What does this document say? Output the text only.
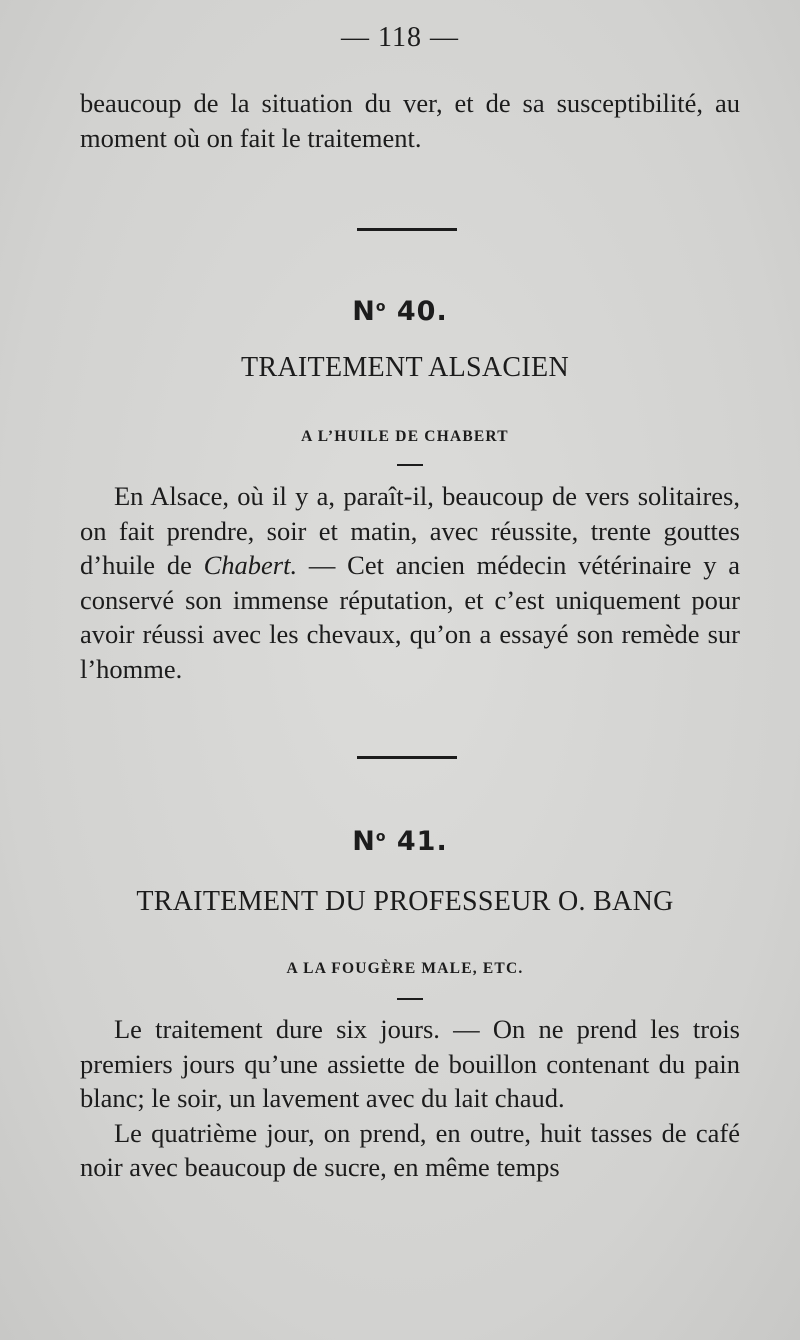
— 118 —

beaucoup de la situation du ver, et de sa susceptibilité, au moment où on fait le traitement.

$N^o$ 40.
TRAITEMENT ALSACIEN
A L’HUILE DE CHABERT

En Alsace, où il y a, paraît-il, beaucoup de vers solitaires, on fait prendre, soir et matin, avec réussite, trente gouttes d’huile de Chabert. — Cet ancien médecin vétérinaire y a conservé son immense réputation, et c’est uniquement pour avoir réussi avec les chevaux, qu’on a essayé son remède sur l’homme.

$N^o$ 41.
TRAITEMENT DU PROFESSEUR O. BANG
A LA FOUGÈRE MALE, ETC.

Le traitement dure six jours. — On ne prend les trois premiers jours qu’une assiette de bouillon contenant du pain blanc; le soir, un lavement avec du lait chaud.

Le quatrième jour, on prend, en outre, huit tasses de café noir avec beaucoup de sucre, en même temps
